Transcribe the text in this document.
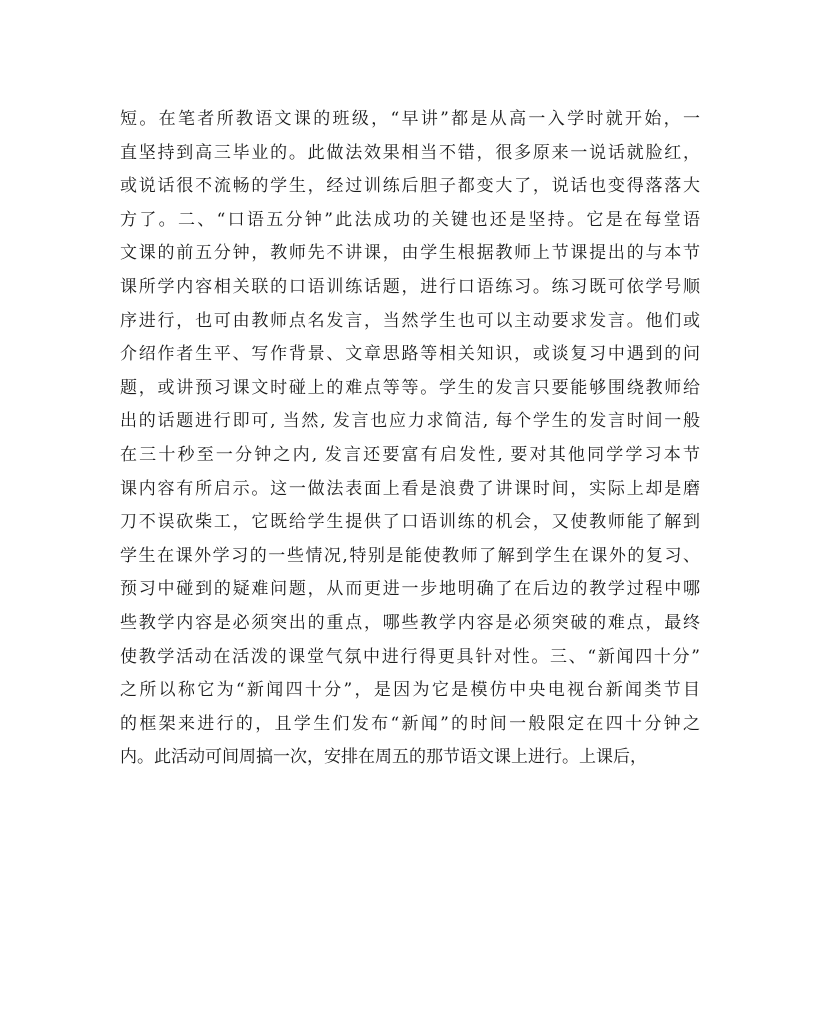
短。在笔者所教语文课的班级，“早讲”都是从高一入学时就开始，一
直坚持到高三毕业的。此做法效果相当不错，很多原来一说话就脸红，
或说话很不流畅的学生，经过训练后胆子都变大了，说话也变得落落大
方了。二、“口语五分钟”此法成功的关键也还是坚持。它是在每堂语
文课的前五分钟，教师先不讲课，由学生根据教师上节课提出的与本节
课所学内容相关联的口语训练话题，进行口语练习。练习既可依学号顺
序进行，也可由教师点名发言，当然学生也可以主动要求发言。他们或
介绍作者生平、写作背景、文章思路等相关知识，或谈复习中遇到的问
题，或讲预习课文时碰上的难点等等。学生的发言只要能够围绕教师给
出的话题进行即可, 当然, 发言也应力求简洁, 每个学生的发言时间一般
在三十秒至一分钟之内, 发言还要富有启发性, 要对其他同学学习本节
课内容有所启示。这一做法表面上看是浪费了讲课时间，实际上却是磨
刀不误砍柴工，它既给学生提供了口语训练的机会，又使教师能了解到
学生在课外学习的一些情况,特别是能使教师了解到学生在课外的复习、
预习中碰到的疑难问题，从而更进一步地明确了在后边的教学过程中哪
些教学内容是必须突出的重点，哪些教学内容是必须突破的难点，最终
使教学活动在活泼的课堂气氛中进行得更具针对性。三、“新闻四十分”
之所以称它为“新闻四十分”，是因为它是模仿中央电视台新闻类节目
的框架来进行的，且学生们发布“新闻”的时间一般限定在四十分钟之
内。此活动可间周搞一次，安排在周五的那节语文课上进行。上课后，
